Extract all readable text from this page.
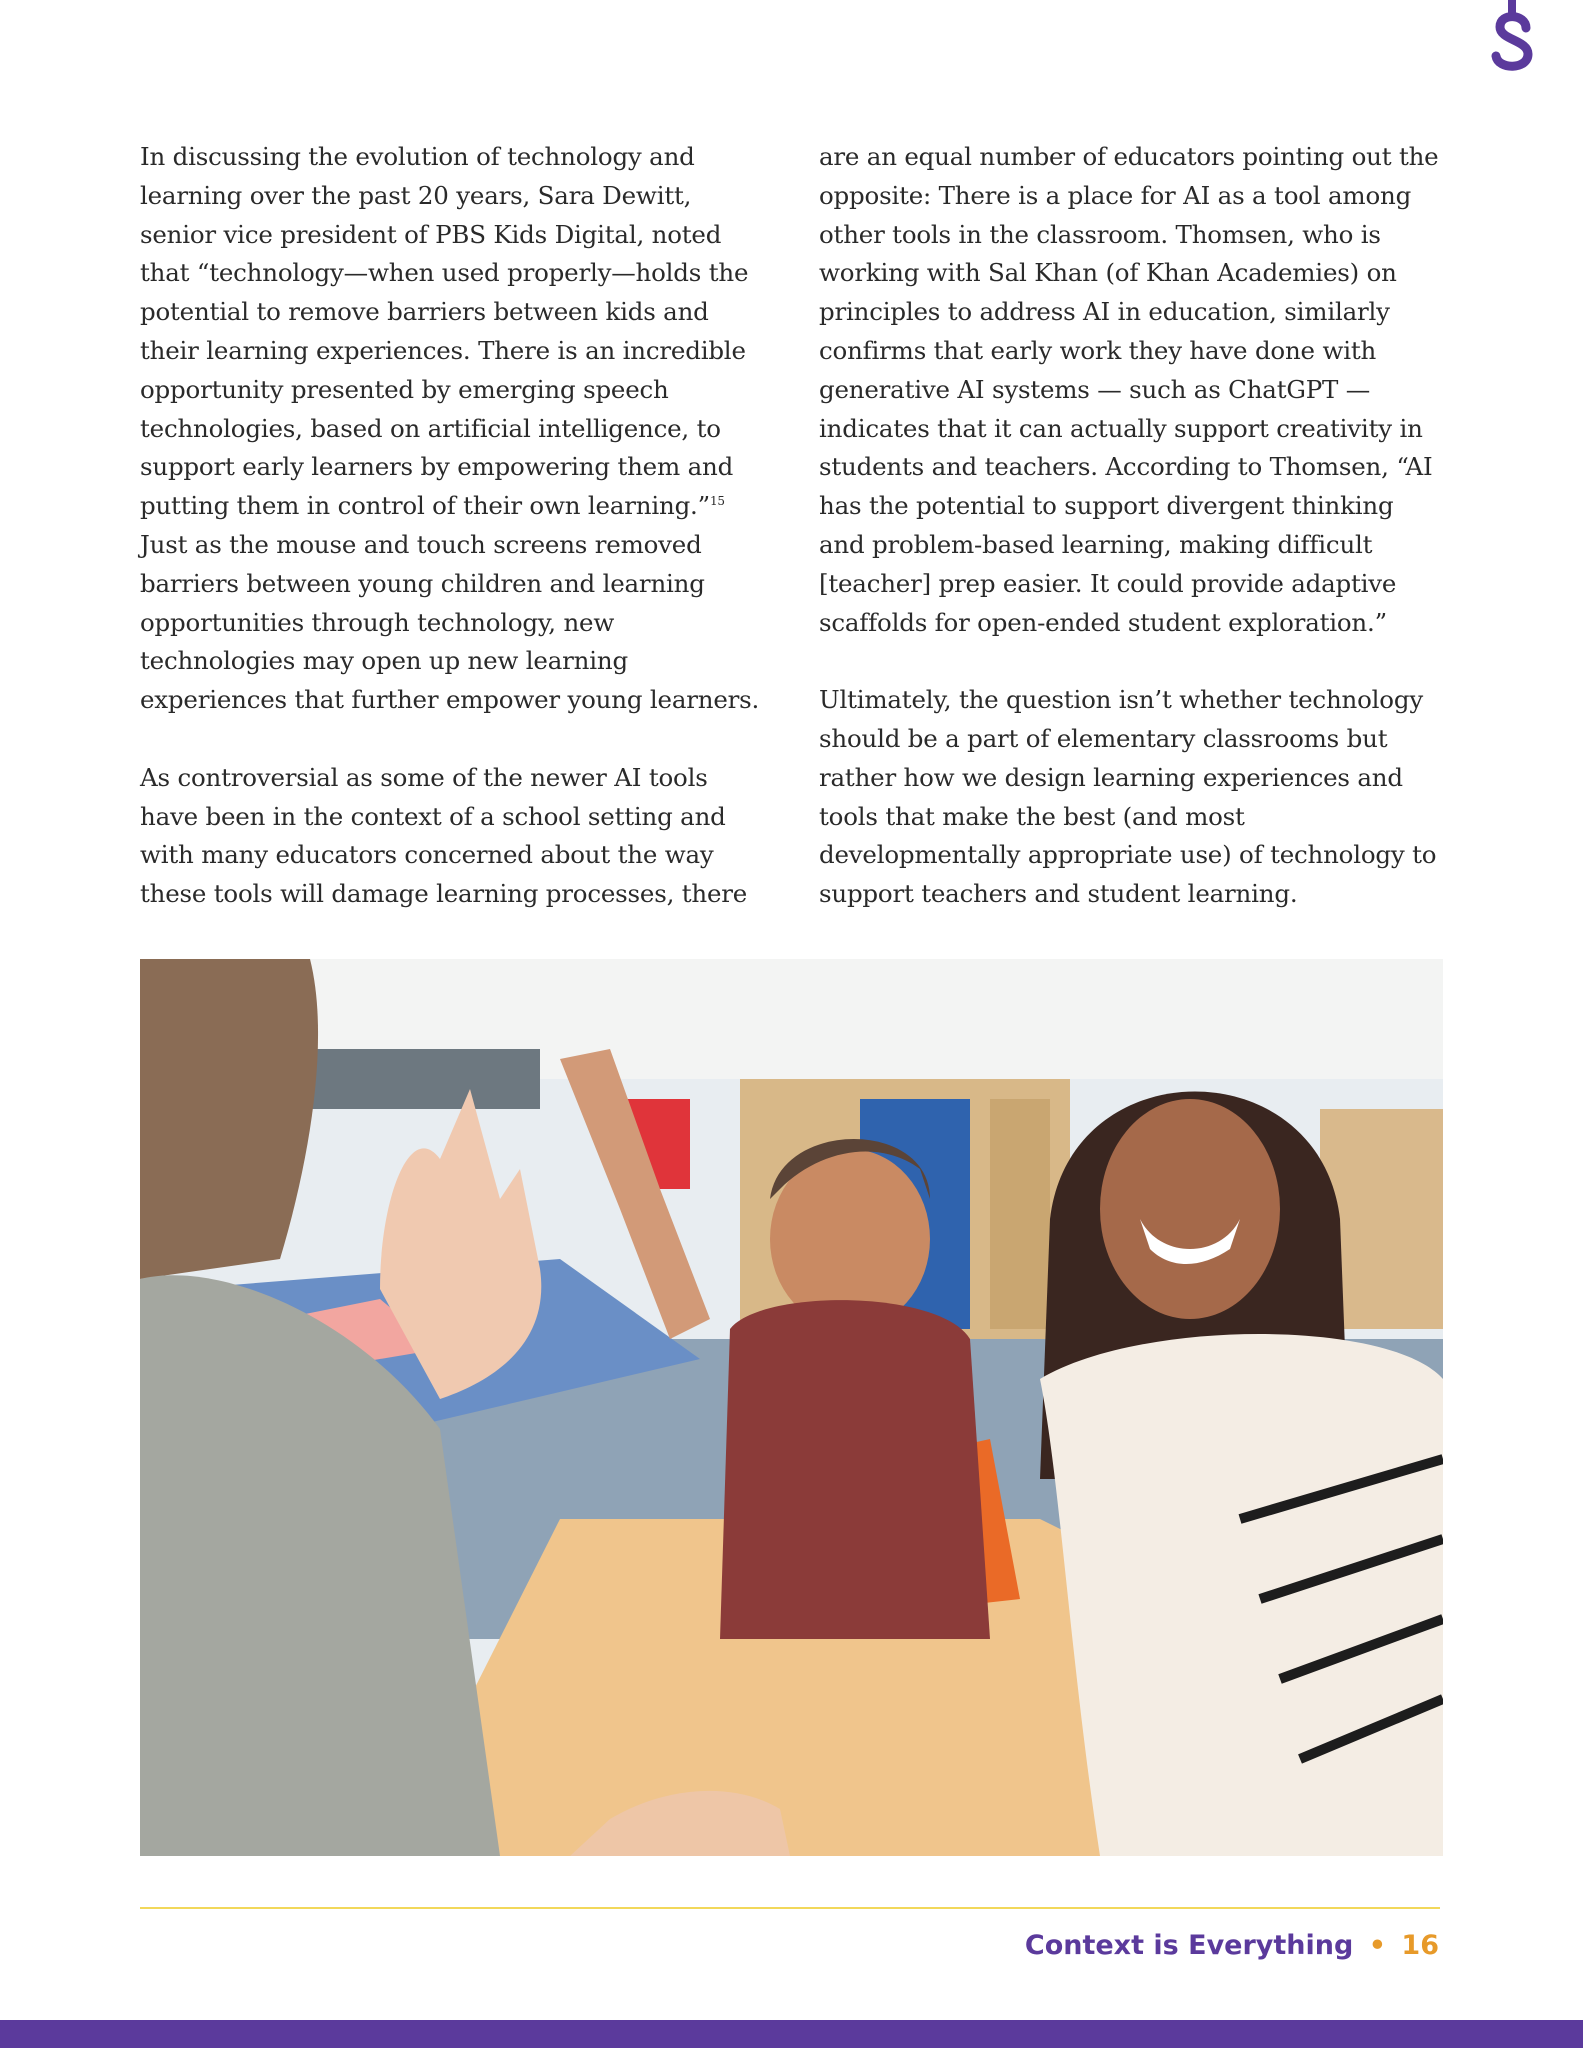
In discussing the evolution of technology and learning over the past 20 years, Sara Dewitt, senior vice president of PBS Kids Digital, noted that “technology—when used properly—holds the potential to remove barriers between kids and their learning experiences. There is an incredible opportunity presented by emerging speech technologies, based on artificial intelligence, to support early learners by empowering them and putting them in control of their own learning.”$^{15}$ Just as the mouse and touch screens removed barriers between young children and learning opportunities through technology, new technologies may open up new learning experiences that further empower young learners.

As controversial as some of the newer AI tools have been in the context of a school setting and with many educators concerned about the way these tools will damage learning processes, there

are an equal number of educators pointing out the opposite: There is a place for AI as a tool among other tools in the classroom. Thomsen, who is working with Sal Khan (of Khan Academies) on principles to address AI in education, similarly confirms that early work they have done with generative AI systems — such as ChatGPT — indicates that it can actually support creativity in students and teachers. According to Thomsen, “AI has the potential to support divergent thinking and problem-based learning, making difficult [teacher] prep easier. It could provide adaptive scaffolds for open-ended student exploration.”

Ultimately, the question isn’t whether technology should be a part of elementary classrooms but rather how we design learning experiences and tools that make the best (and most developmentally appropriate use) of technology to support teachers and student learning.

Context is Everything • 16
